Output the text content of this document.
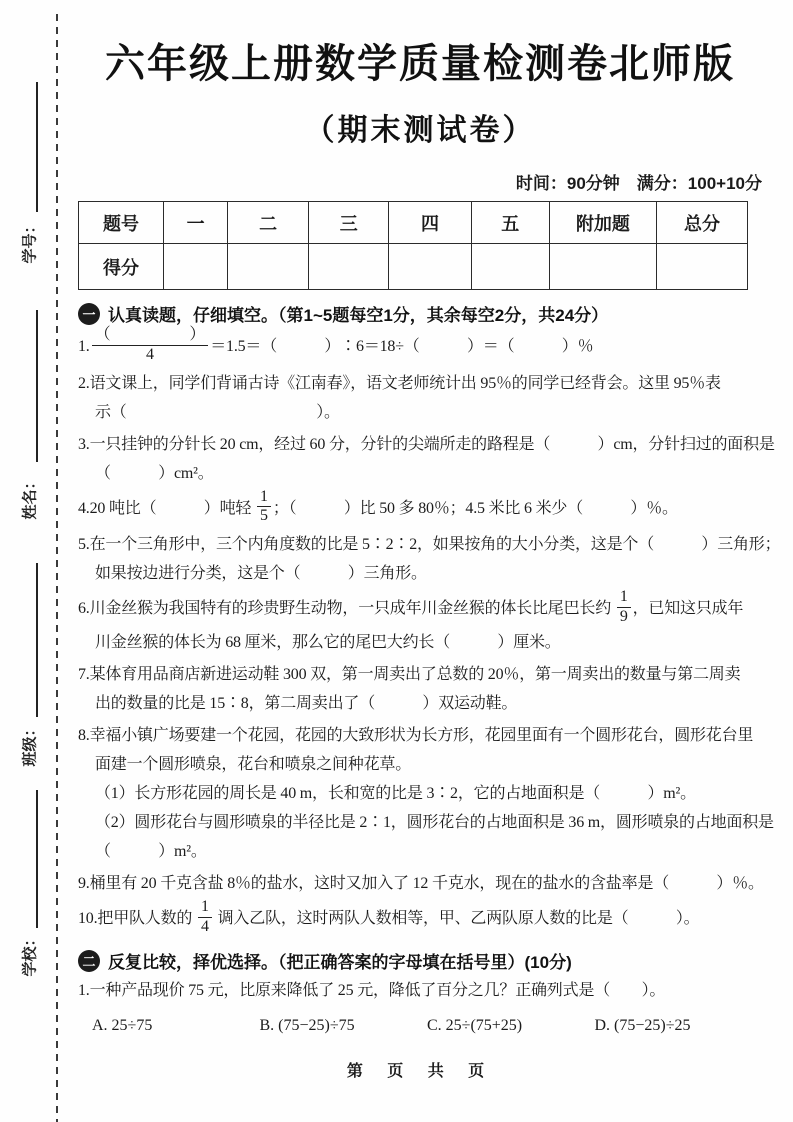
学号：
姓名：
班级：
学校：
六年级上册数学质量检测卷北师版
（期末测试卷）
时间：90分钟　满分：100+10分
题号	一	二	三	四	五	附加题	总分
得分							
一 认真读题，仔细填空。（第1~5题每空1分，其余每空2分，共24分）
1. $\frac{( )}{4} =1.5=$（　　　）∶6＝18÷（　　　）＝（　　　）％
2.语文课上，同学们背诵古诗《江南春》，语文老师统计出 95％的同学已经背会。这里 95％表
示（　　　　　　　　　　　　）。
3.一只挂钟的分针长 20 cm，经过 60 分，分针的尖端所走的路程是（　　　）cm，分针扫过的面积是
（　　　）cm²。
4.20 吨比（　　　）吨轻 $\frac{1}{5}$ ；（　　　）比 50 多 80％；4.5 米比 6 米少（　　　）％。
5.在一个三角形中，三个内角度数的比是 5∶2∶2，如果按角的大小分类，这是个（　　　）三角形；
如果按边进行分类，这是个（　　　）三角形。
6.川金丝猴为我国特有的珍贵野生动物，一只成年川金丝猴的体长比尾巴长约 $\frac{1}{9}$ ，已知这只成年
川金丝猴的体长为 68 厘米，那么它的尾巴大约长（　　　）厘米。
7.某体育用品商店新进运动鞋 300 双，第一周卖出了总数的 20％，第一周卖出的数量与第二周卖
出的数量的比是 15∶8，第二周卖出了（　　　）双运动鞋。
8.幸福小镇广场要建一个花园，花园的大致形状为长方形，花园里面有一个圆形花台，圆形花台里
面建一个圆形喷泉，花台和喷泉之间种花草。
（1）长方形花园的周长是 40 m，长和宽的比是 3∶2，它的占地面积是（　　　）m²。
（2）圆形花台与圆形喷泉的半径比是 2∶1，圆形花台的占地面积是 36 m，圆形喷泉的占地面积是
（　　　）m²。
9.桶里有 20 千克含盐 8％的盐水，这时又加入了 12 千克水，现在的盐水的含盐率是（　　　）％。
10.把甲队人数的 $\frac{1}{4}$ 调入乙队，这时两队人数相等，甲、乙两队原人数的比是（　　　）。
二 反复比较，择优选择。（把正确答案的字母填在括号里）(10分)
1.一种产品现价 75 元，比原来降低了 25 元，降低了百分之几？正确列式是（　　）。
A. 25÷75	B. (75−25)÷75	C. 25÷(75+25)	D. (75−25)÷25
第 页 共 页
